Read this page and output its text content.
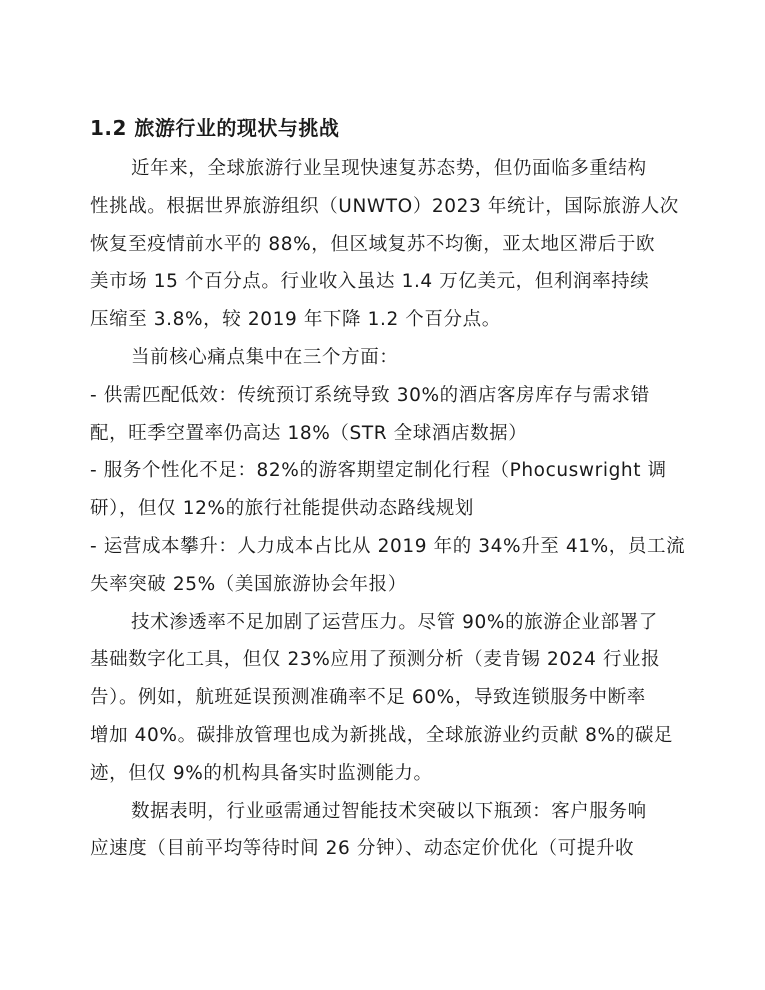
1.2 旅游行业的现状与挑战
近年来，全球旅游行业呈现快速复苏态势，但仍面临多重结构
性挑战。根据世界旅游组织（UNWTO）2023 年统计，国际旅游人次
恢复至疫情前水平的 88%，但区域复苏不均衡，亚太地区滞后于欧
美市场 15 个百分点。行业收入虽达 1.4 万亿美元，但利润率持续
压缩至 3.8%，较 2019 年下降 1.2 个百分点。
当前核心痛点集中在三个方面：
- 供需匹配低效：传统预订系统导致 30%的酒店客房库存与需求错
配，旺季空置率仍高达 18%（STR 全球酒店数据）
- 服务个性化不足：82%的游客期望定制化行程（Phocuswright 调
研），但仅 12%的旅行社能提供动态路线规划
- 运营成本攀升：人力成本占比从 2019 年的 34%升至 41%，员工流
失率突破 25%（美国旅游协会年报）
技术渗透率不足加剧了运营压力。尽管 90%的旅游企业部署了
基础数字化工具，但仅 23%应用了预测分析（麦肯锡 2024 行业报
告）。例如，航班延误预测准确率不足 60%，导致连锁服务中断率
增加 40%。碳排放管理也成为新挑战，全球旅游业约贡献 8%的碳足
迹，但仅 9%的机构具备实时监测能力。
数据表明，行业亟需通过智能技术突破以下瓶颈：客户服务响
应速度（目前平均等待时间 26 分钟）、动态定价优化（可提升收
